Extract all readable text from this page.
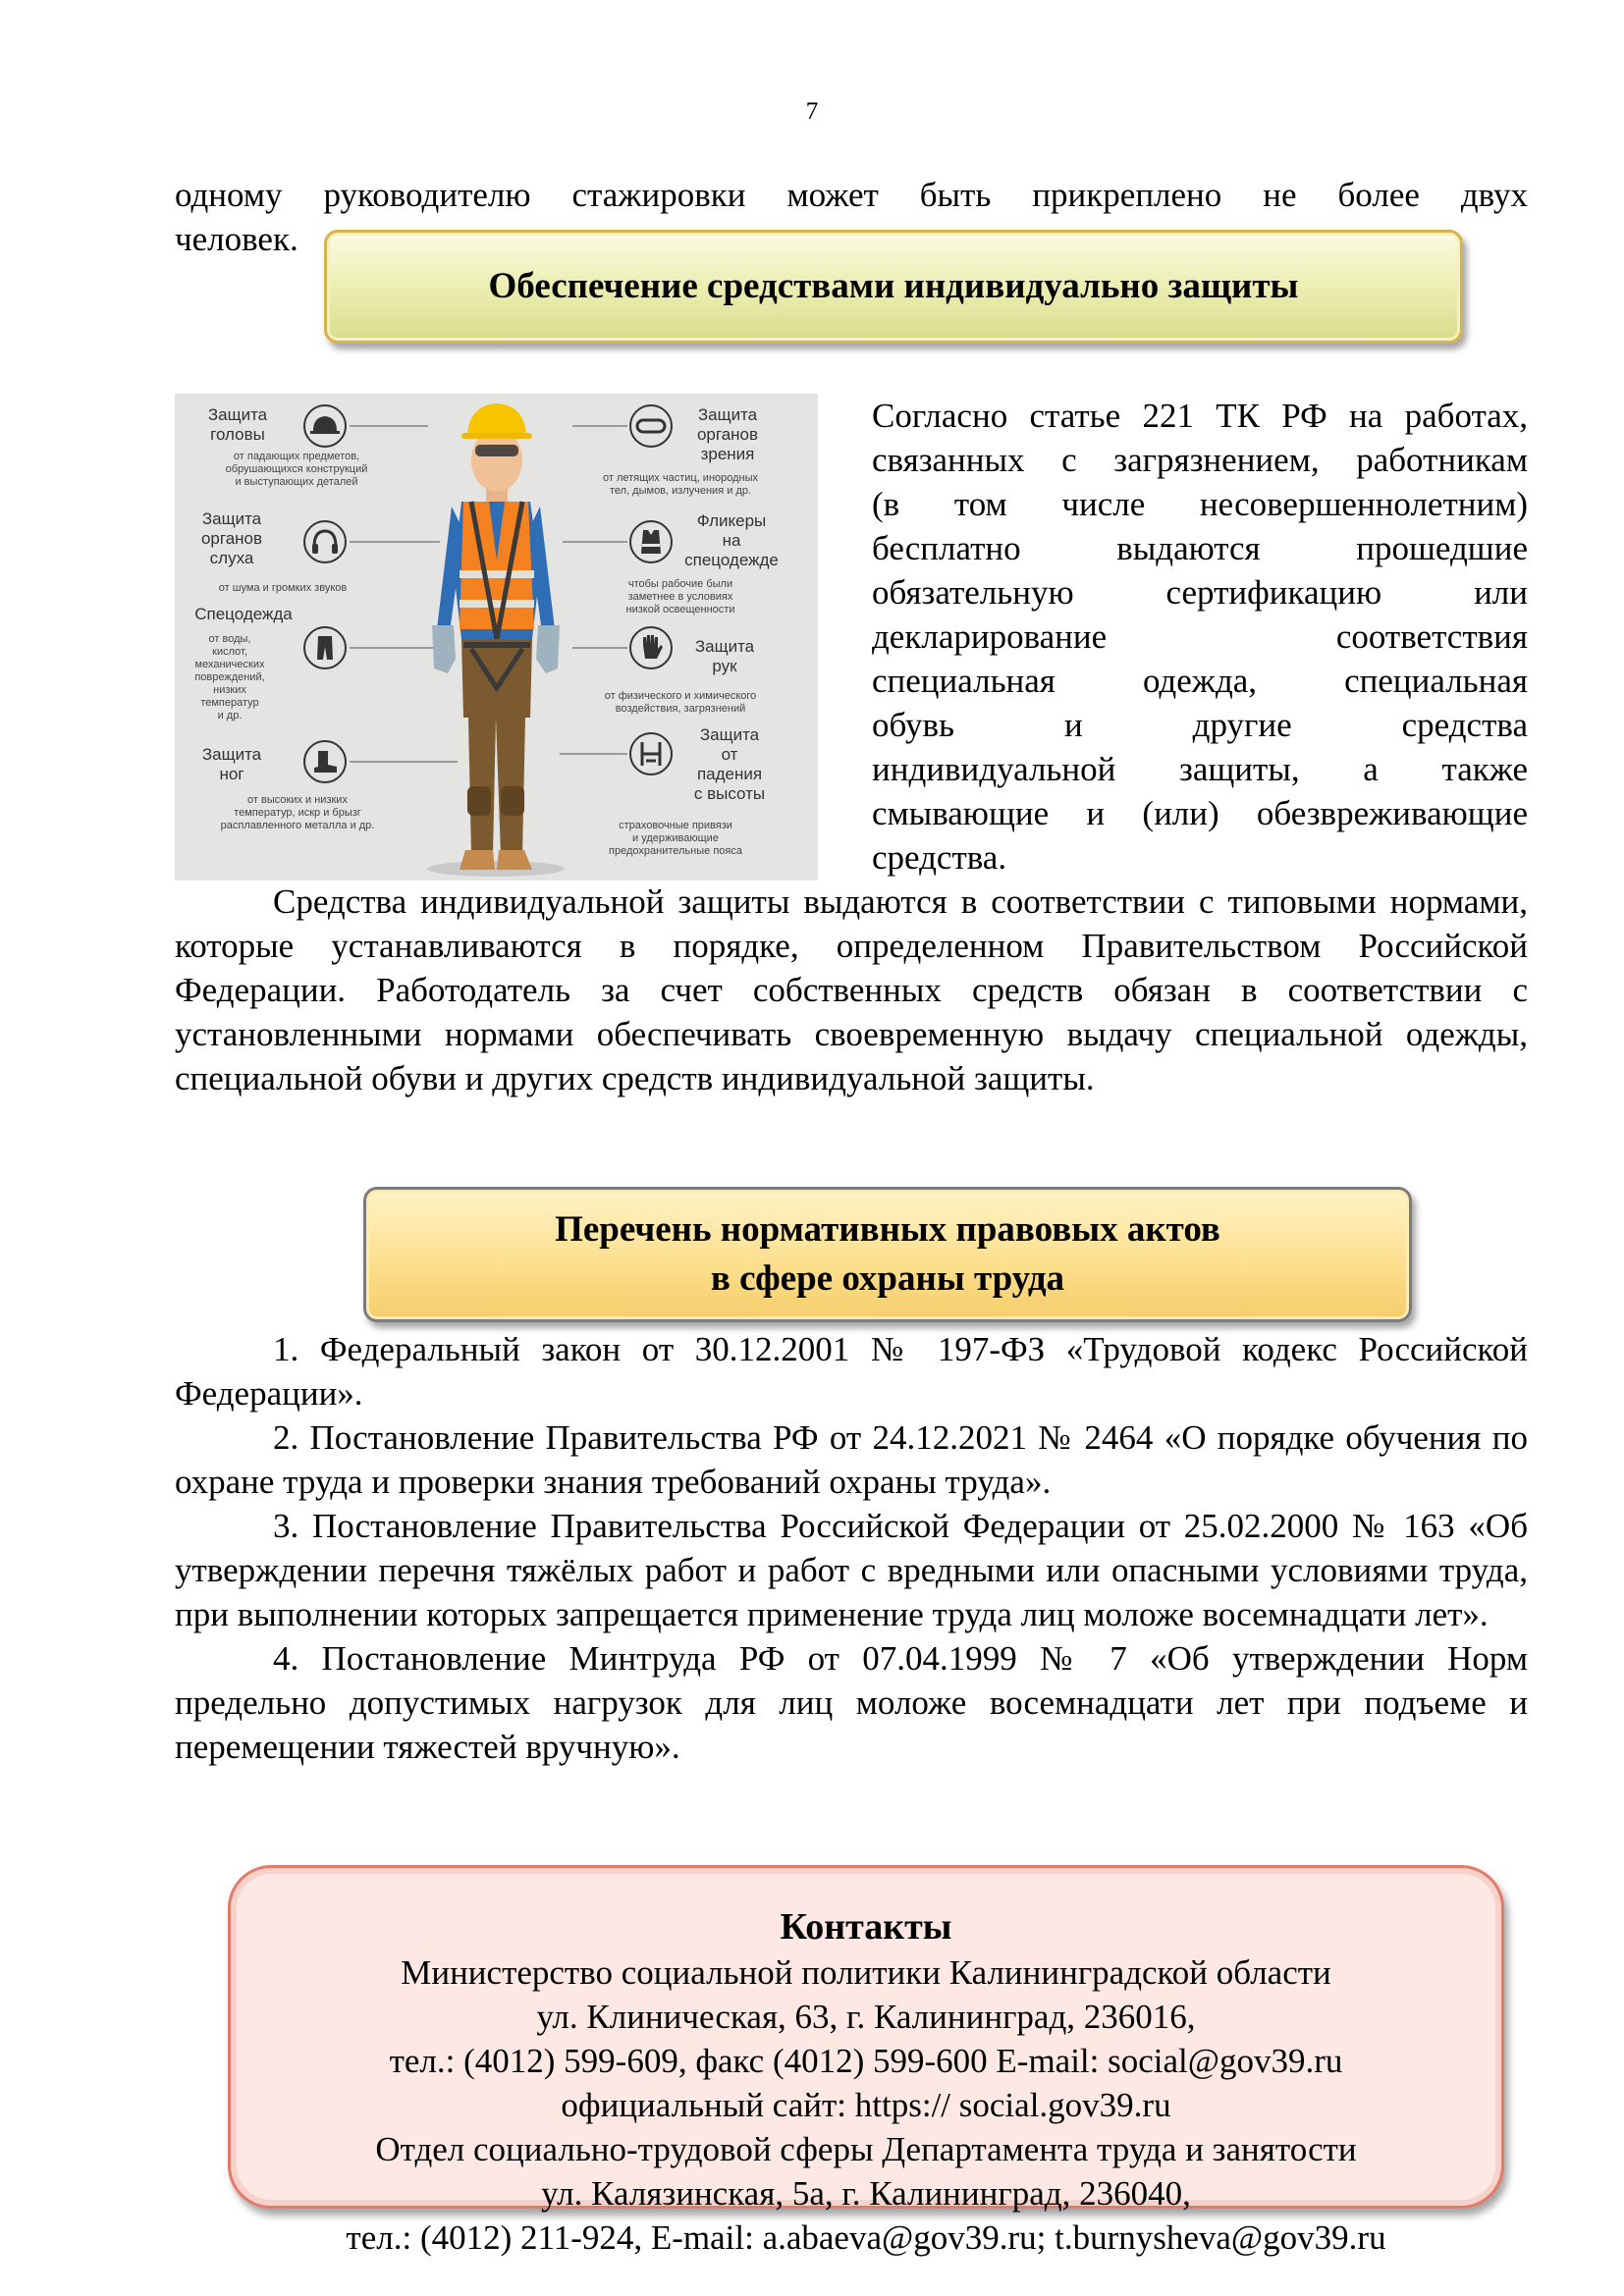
7

одному руководителю стажировки может быть прикреплено не более двух

человек.

Обеспечение средствами индивидуально защиты
Защита
головы
от падающих предметов,
обрушающихся конструкций
и выступающих деталей
Защита
органов
слуха
от шума и громких звуков
Спецодежда
от воды,
кислот,
механических
повреждений,
низких
температур
и др.
Защита
ног
от высоких и низких
температур, искр и брызг
расплавленного металла и др.
Защита
органов
зрения
от летящих частиц, инородных
тел, дымов, излучения и др.
Фликеры
на
спецодежде
чтобы рабочие были
заметнее в условиях
низкой освещенности
Защита
рук
от физического и химического
воздействия, загрязнений
Защита
от
падения
с высоты
страховочные привязи
и удерживающие
предохранительные пояса

Согласно статье 221 ТК РФ на работах,

связанных с загрязнением, работникам

(в том числе несовершеннолетним)

бесплатно выдаются прошедшие

обязательную сертификацию или

декларирование соответствия

специальная одежда, специальная

обувь и другие средства

индивидуальной защиты, а также

смывающие и (или) обезвреживающие

средства.

Средства индивидуальной защиты выдаются в соответствии с типовыми нормами, которые устанавливаются в порядке, определенном Правительством Российской Федерации. Работодатель за счет собственных средств обязан в соответствии с установленными нормами обеспечивать своевременную выдачу специальной одежды, специальной обуви и других средств индивидуальной защиты.

Перечень нормативных правовых актов
в сфере охраны труда

1. Федеральный закон от 30.12.2001 № 197-ФЗ «Трудовой кодекс Российской Федерации».

2. Постановление Правительства РФ от 24.12.2021 № 2464 «О порядке обучения по охране труда и проверки знания требований охраны труда».

3. Постановление Правительства Российской Федерации от 25.02.2000 № 163 «Об утверждении перечня тяжёлых работ и работ с вредными или опасными условиями труда, при выполнении которых запрещается применение труда лиц моложе восемнадцати лет».

4. Постановление Минтруда РФ от 07.04.1999 № 7 «Об утверждении Норм предельно допустимых нагрузок для лиц моложе восемнадцати лет при подъеме и перемещении тяжестей вручную».

Контакты
Министерство социальной политики Калининградской области
ул. Клиническая, 63, г. Калининград, 236016,
тел.: (4012) 599-609, факс (4012) 599-600 E-mail: social@gov39.ru
официальный сайт: https:// social.gov39.ru
Отдел социально-трудовой сферы Департамента труда и занятости
ул. Калязинская, 5а, г. Калининград, 236040,
тел.: (4012) 211-924, E-mail: a.abaeva@gov39.ru; t.burnysheva@gov39.ru
